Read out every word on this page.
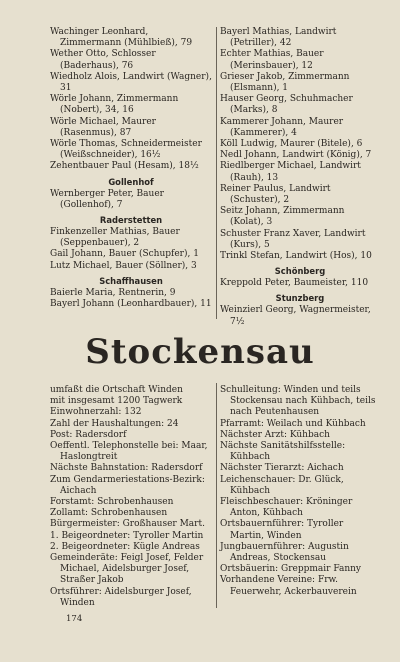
Wachinger Leonhard, Zimmermann (Mühlbieß), 79
Wether Otto, Schlosser (Baderhaus), 76
Wiedholz Alois, Landwirt (Wagner), 31
Wörle Johann, Zimmermann (Nobert), 34, 16
Wörle Michael, Maurer (Rasenmus), 87
Wörle Thomas, Schneidermeister (Weißschneider), 16½
Zehentbauer Paul (Hesam), 18½
Gollenhof
Wernberger Peter, Bauer (Gollenhof), 7
Raderstetten
Finkenzeller Mathias, Bauer (Seppenbauer), 2
Gail Johann, Bauer (Schupfer), 1
Lutz Michael, Bauer (Söllner), 3
Schaffhausen
Baierle Maria, Rentnerin, 9
Bayerl Johann (Leonhardbauer), 11
Bayerl Mathias, Landwirt (Petriller), 42
Echter Mathias, Bauer (Merinsbauer), 12
Grieser Jakob, Zimmermann (Elsmann), 1
Hauser Georg, Schuhmacher (Marks), 8
Kammerer Johann, Maurer (Kammerer), 4
Köll Ludwig, Maurer (Bitele), 6
Nedl Johann, Landwirt (König), 7
Riedlberger Michael, Landwirt (Rauh), 13
Reiner Paulus, Landwirt (Schuster), 2
Seitz Johann, Zimmermann (Kolat), 3
Schuster Franz Xaver, Landwirt (Kurs), 5
Trinkl Stefan, Landwirt (Hos), 10
Schönberg
Kreppold Peter, Baumeister, 110
Stunzberg
Weinzierl Georg, Wagnermeister, 7½
Stockensau
umfaßt die Ortschaft Winden
mit insgesamt 1200 Tagwerk
Einwohnerzahl: 132
Zahl der Haushaltungen: 24
Post: Radersdorf
Oeffentl. Telephonstelle bei: Maar, Haslongtreit
Nächste Bahnstation: Radersdorf
Zum Gendarmeriestations-Bezirk: Aichach
Forstamt: Schrobenhausen
Zollamt: Schrobenhausen
Bürgermeister: Großhauser Mart.
1. Beigeordneter: Tyroller Martin
2. Beigeordneter: Kügle Andreas
Gemeinderäte: Feigl Josef, Felder Michael, Aidelsburger Josef, Straßer Jakob
Ortsführer: Aidelsburger Josef, Winden
Schulleitung: Winden und teils Stockensau nach Kühbach, teils nach Peutenhausen
Pfarramt: Weilach und Kühbach
Nächster Arzt: Kühbach
Nächste Sanitätshilfsstelle: Kühbach
Nächster Tierarzt: Aichach
Leichenschauer: Dr. Glück, Kühbach
Fleischbeschauer: Kröninger Anton, Kühbach
Ortsbauernführer: Tyroller Martin, Winden
Jungbauernführer: Augustin Andreas, Stockensau
Ortsbäuerin: Greppmair Fanny
Vorhandene Vereine: Frw. Feuerwehr, Ackerbauverein
174
